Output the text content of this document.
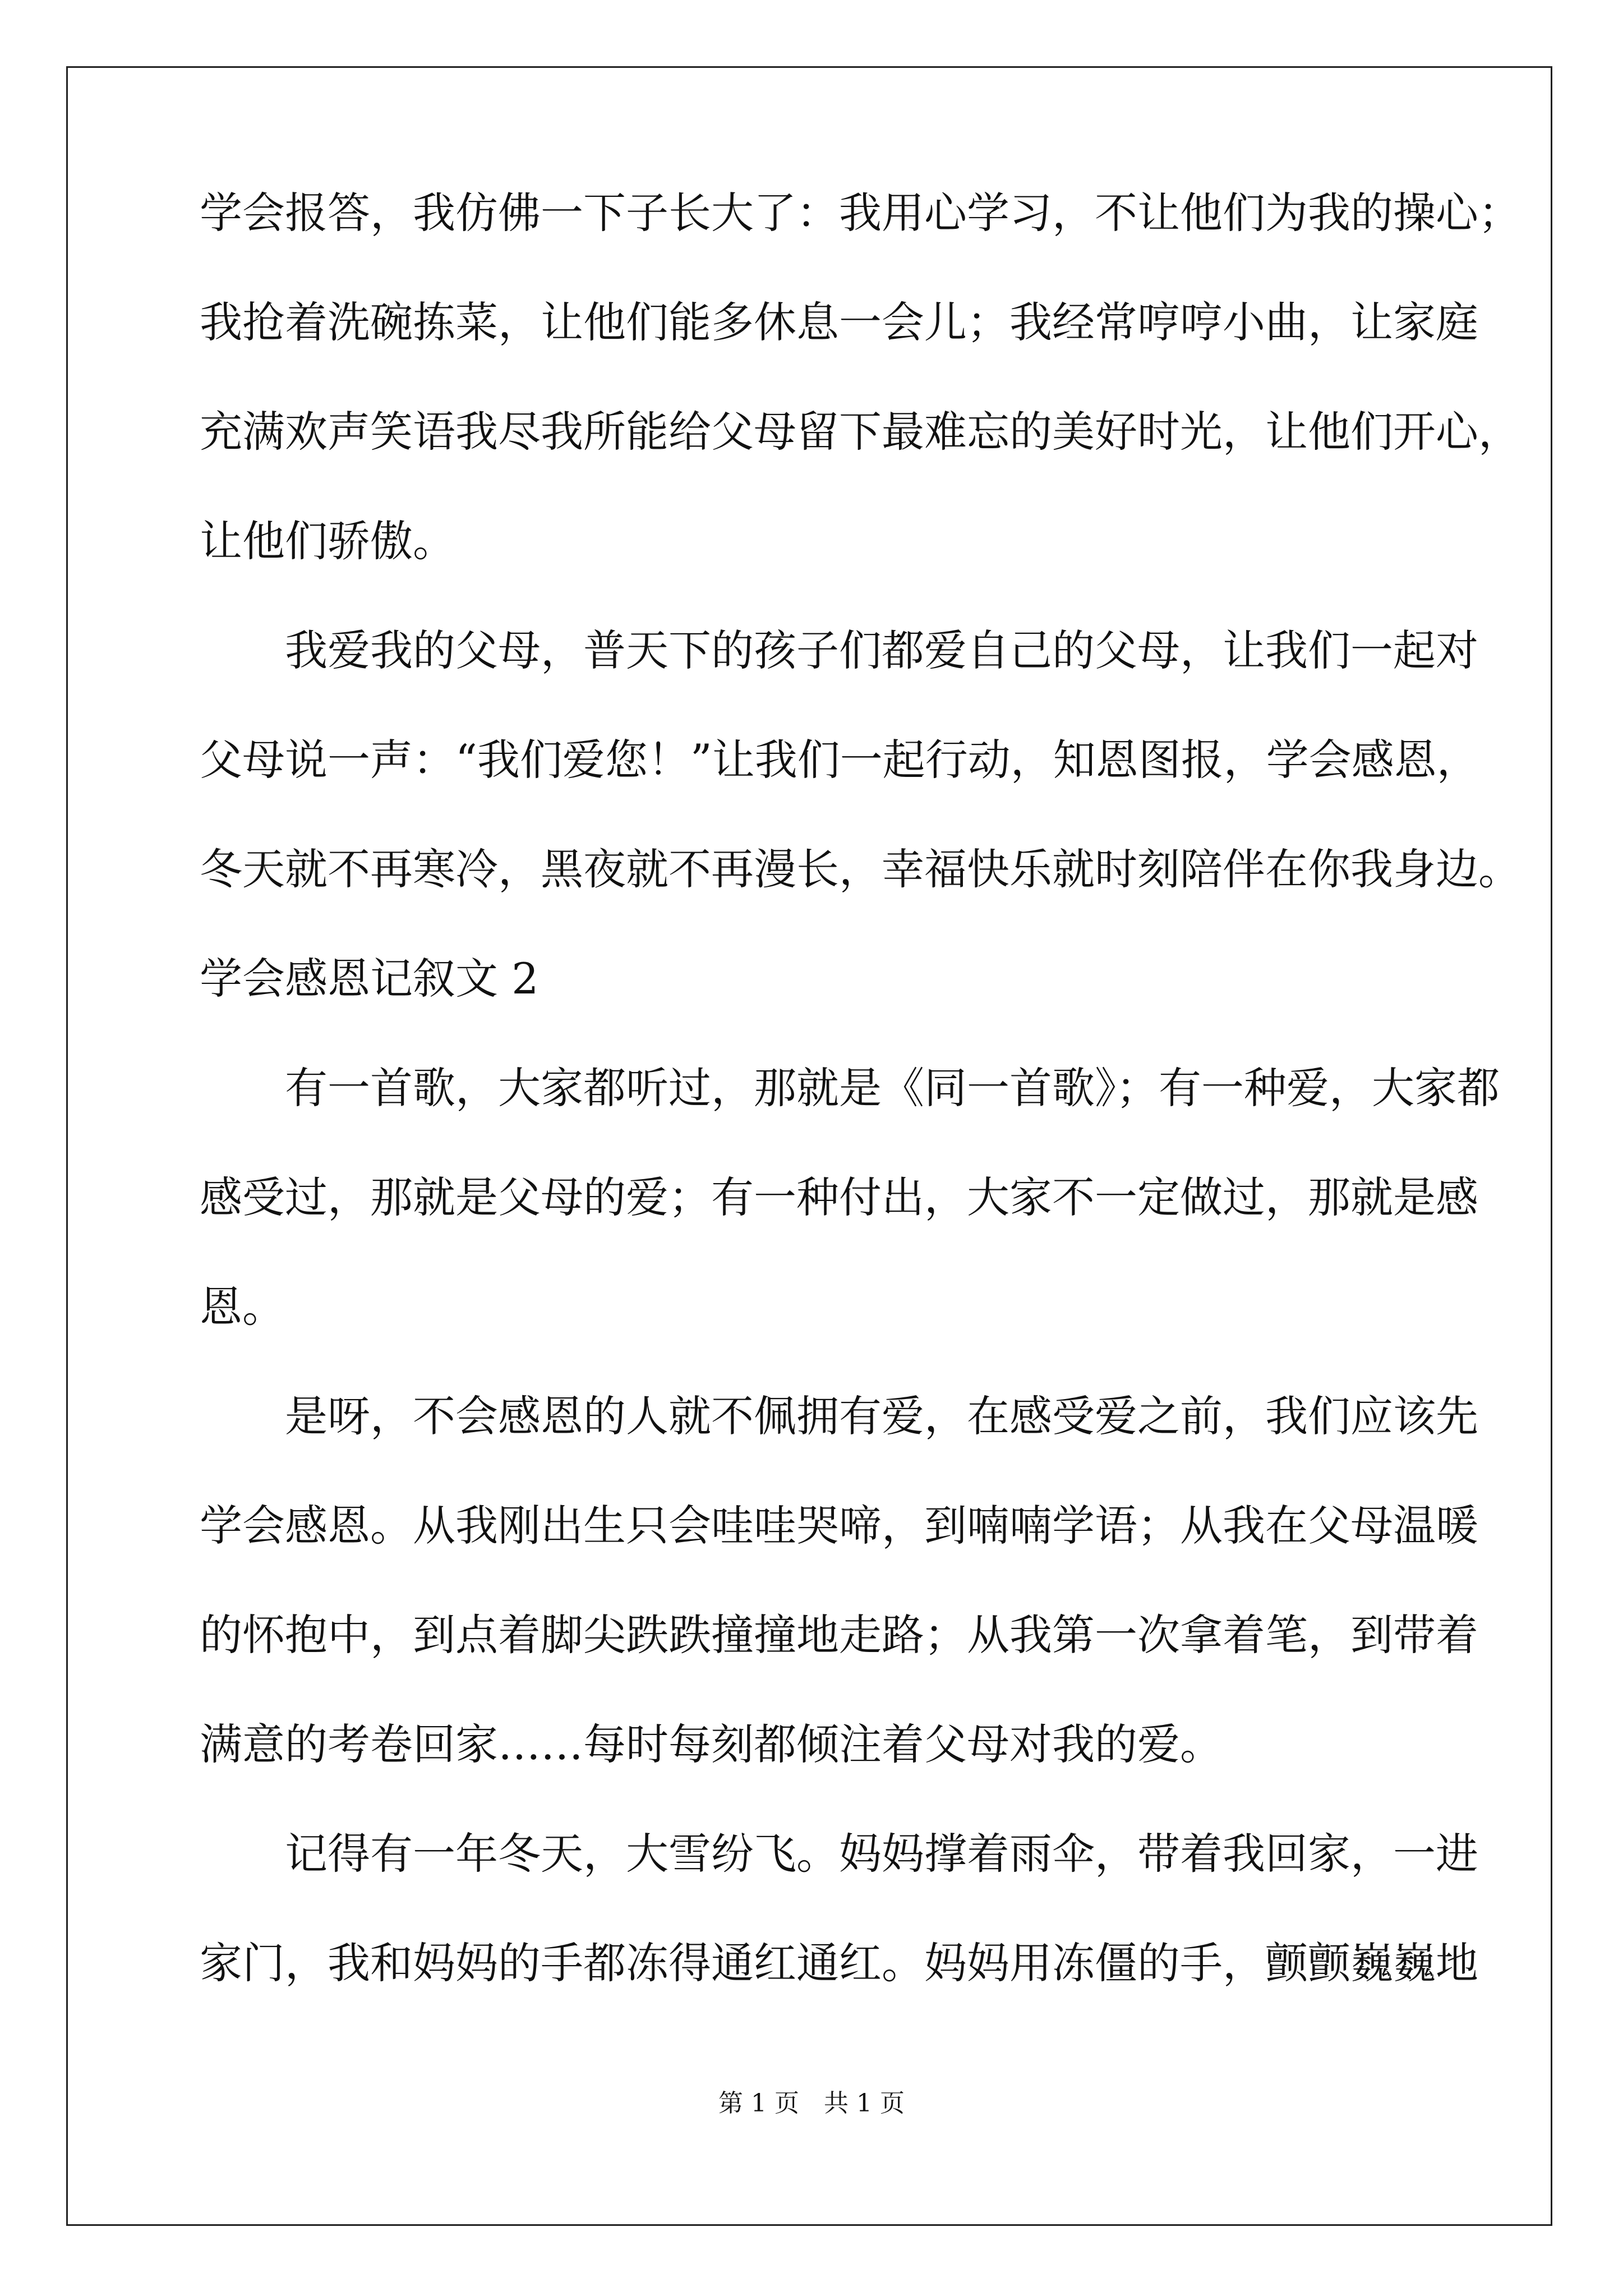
学会报答，我仿佛一下子长大了：我用心学习，不让他们为我的操心；
我抢着洗碗拣菜，让他们能多休息一会儿；我经常哼哼小曲，让家庭
充满欢声笑语我尽我所能给父母留下最难忘的美好时光，让他们开心，
让他们骄傲。
　　我爱我的父母，普天下的孩子们都爱自己的父母，让我们一起对
父母说一声：“我们爱您！”让我们一起行动，知恩图报，学会感恩，
冬天就不再寒冷，黑夜就不再漫长，幸福快乐就时刻陪伴在你我身边。
学会感恩记叙文 2
　　有一首歌，大家都听过，那就是《同一首歌》；有一种爱，大家都
感受过，那就是父母的爱；有一种付出，大家不一定做过，那就是感
恩。
　　是呀，不会感恩的人就不佩拥有爱，在感受爱之前，我们应该先
学会感恩。从我刚出生只会哇哇哭啼，到喃喃学语；从我在父母温暖
的怀抱中，到点着脚尖跌跌撞撞地走路；从我第一次拿着笔，到带着
满意的考卷回家……每时每刻都倾注着父母对我的爱。
　　记得有一年冬天，大雪纷飞。妈妈撑着雨伞，带着我回家，一进
家门，我和妈妈的手都冻得通红通红。妈妈用冻僵的手，颤颤巍巍地
第 1 页　共 1 页
